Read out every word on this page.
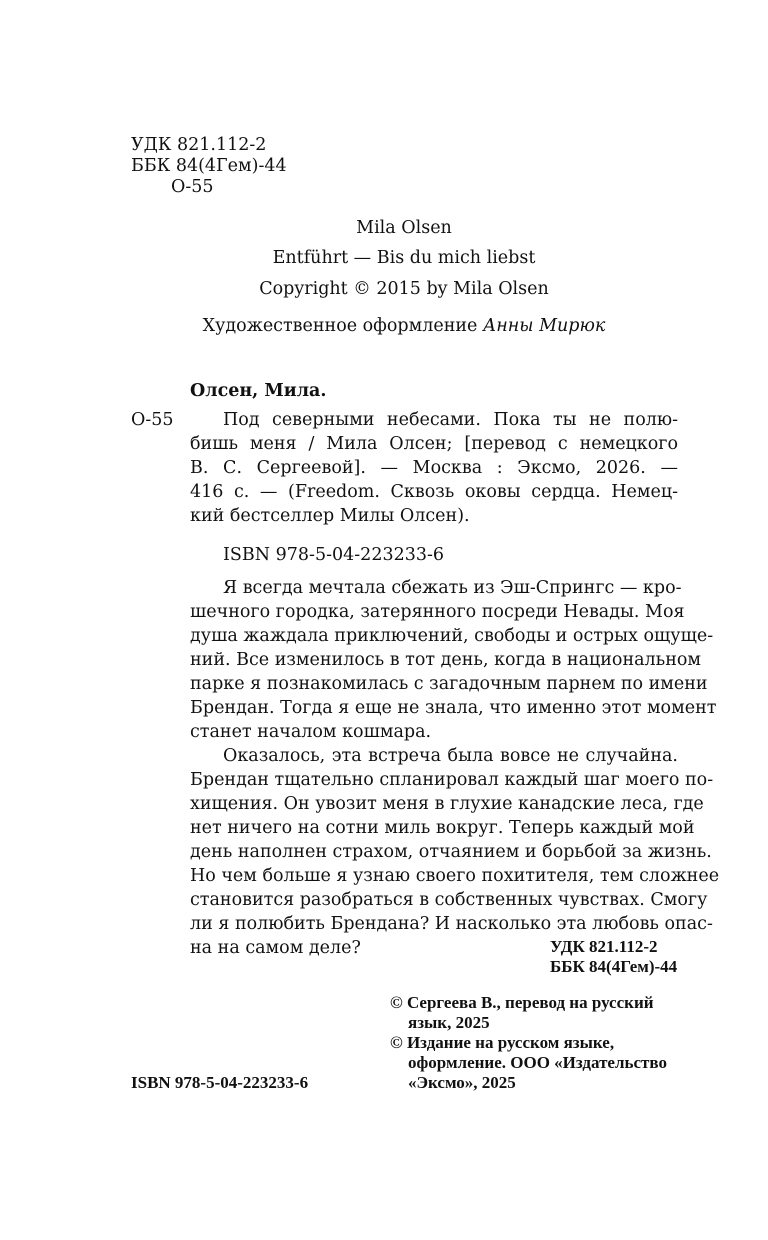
УДК 821.112-2
ББК 84(4Гем)-44
О-55
Mila Olsen
Entführt — Bis du mich liebst
Copyright © 2015 by Mila Olsen
Художественное оформление Анны Мирюк
Олсен, Мила.
О-55	Под северными небесами. Пока ты не полю-
бишь меня / Мила Олсен; [перевод с немецкого
В. С. Сергеевой]. — Москва : Эксмо, 2026. —
416 с. — (Freedom. Сквозь оковы сердца. Немец-
кий бестселлер Милы Олсен).
ISBN 978-5-04-223233-6
Я всегда мечтала сбежать из Эш-Спрингс — кро-
шечного городка, затерянного посреди Невады. Моя
душа жаждала приключений, свободы и острых ощуще-
ний. Все изменилось в тот день, когда в национальном
парке я познакомилась с загадочным парнем по имени
Брендан. Тогда я еще не знала, что именно этот момент
станет началом кошмара.
Оказалось, эта встреча была вовсе не случайна.
Брендан тщательно спланировал каждый шаг моего по-
хищения. Он увозит меня в глухие канадские леса, где
нет ничего на сотни миль вокруг. Теперь каждый мой
день наполнен страхом, отчаянием и борьбой за жизнь.
Но чем больше я узнаю своего похитителя, тем сложнее
становится разобраться в собственных чувствах. Смогу
ли я полюбить Брендана? И насколько эта любовь опас-
на на самом деле?	УДК 821.112-2
ББК 84(4Гем)-44
© Сергеева В., перевод на русский
язык, 2025
© Издание на русском языке,
оформление. ООО «Издательство
«Эксмо», 2025
ISBN 978-5-04-223233-6
